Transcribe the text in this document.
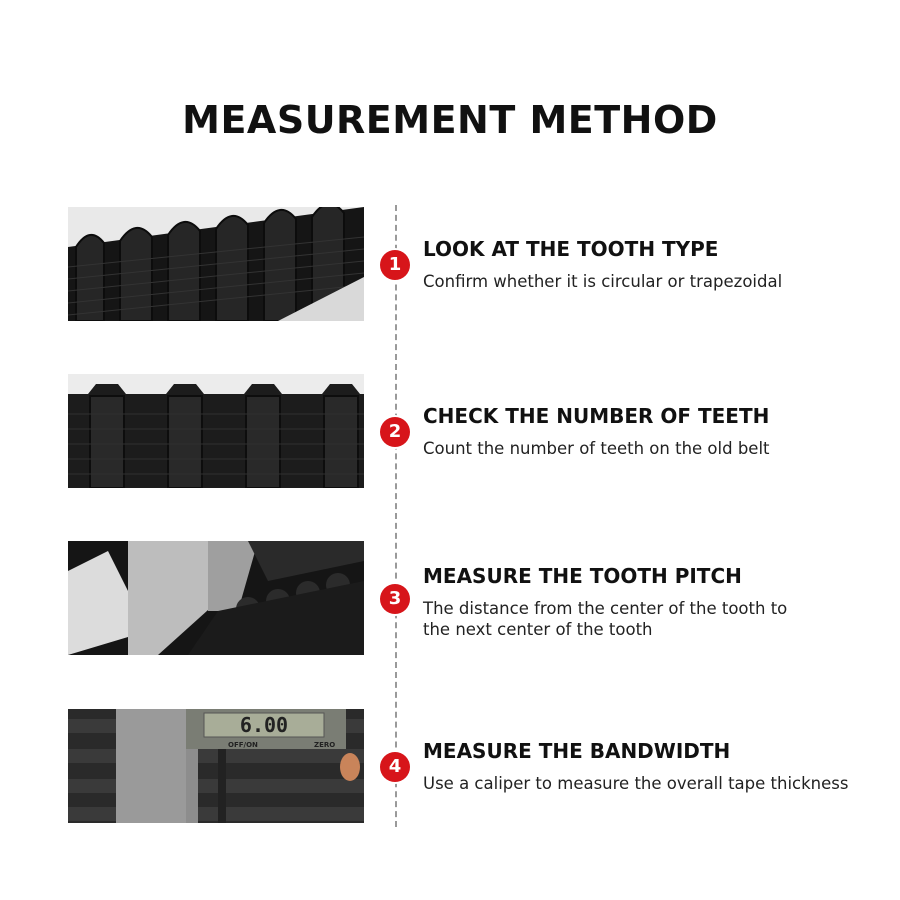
MEASUREMENT METHOD
1
LOOK AT THE TOOTH TYPE
Confirm whether it is circular or trapezoidal
2
CHECK THE NUMBER OF TEETH
Count the number of teeth on the old belt
3
MEASURE THE TOOTH PITCH
The distance from the center of the tooth to the next center of the tooth
6.00
OFF/ON	ZERO
4
MEASURE THE BANDWIDTH
Use a caliper to measure the overall tape thickness
